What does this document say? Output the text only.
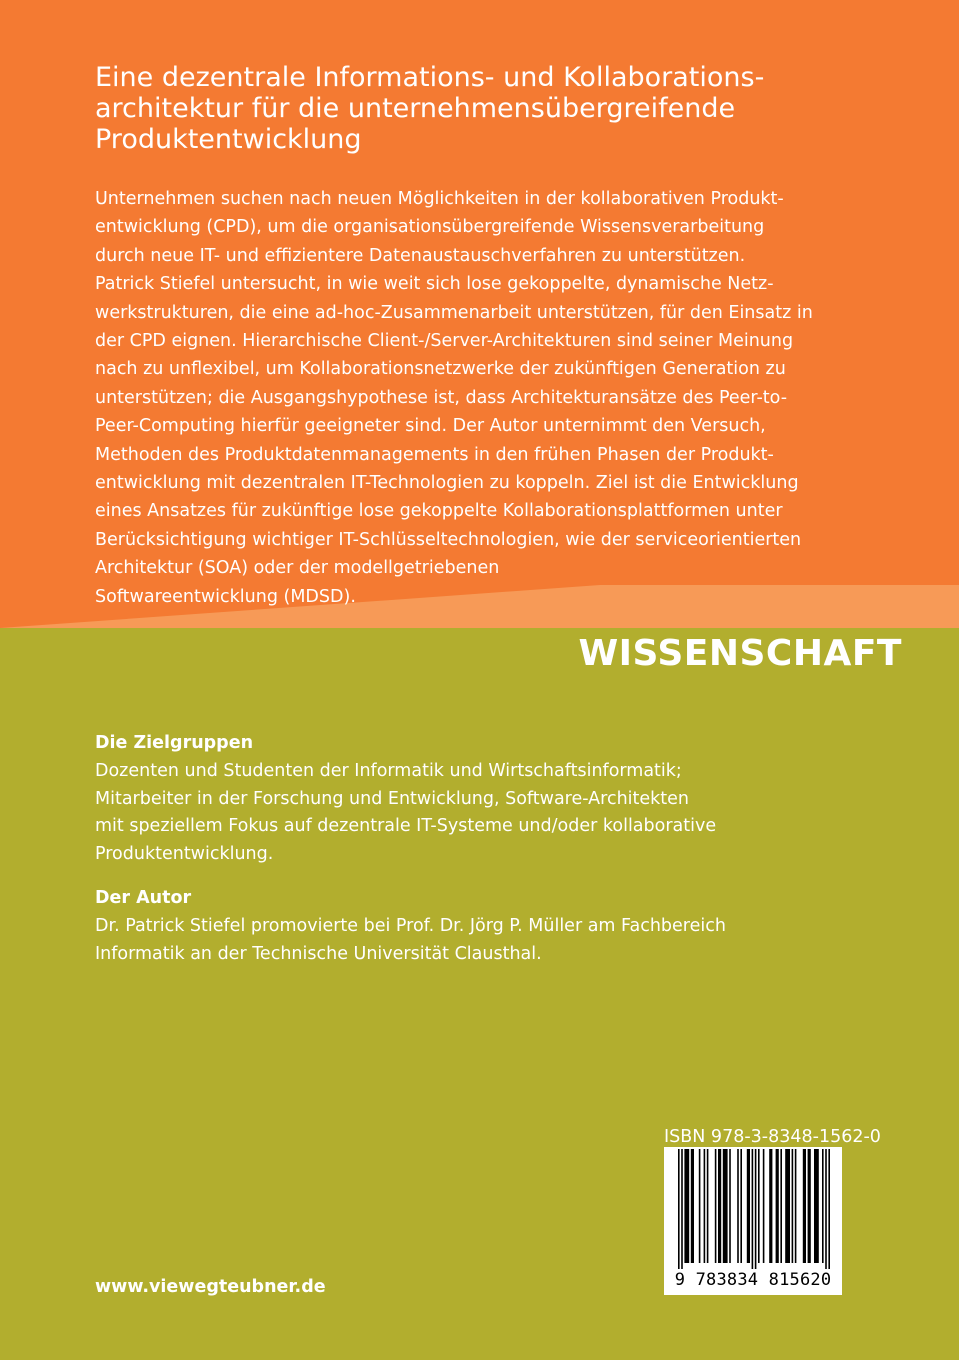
Eine dezentrale Informations- und Kollaborations-
architektur für die unternehmensübergreifende
Produktentwicklung

Unternehmen suchen nach neuen Möglichkeiten in der kollaborativen Produkt-
entwicklung (CPD), um die organisationsübergreifende Wissensverarbeitung
durch neue IT- und effizientere Datenaustauschverfahren zu unterstützen.
Patrick Stiefel untersucht, in wie weit sich lose gekoppelte, dynamische Netz-
werkstrukturen, die eine ad-hoc-Zusammenarbeit unterstützen, für den Einsatz in
der CPD eignen. Hierarchische Client-/Server-Architekturen sind seiner Meinung
nach zu unflexibel, um Kollaborationsnetzwerke der zukünftigen Generation zu
unterstützen; die Ausgangshypothese ist, dass Architekturansätze des Peer-to-
Peer-Computing hierfür geeigneter sind. Der Autor unternimmt den Versuch,
Methoden des Produktdatenmanagements in den frühen Phasen der Produkt-
entwicklung mit dezentralen IT-Technologien zu koppeln. Ziel ist die Entwicklung
eines Ansatzes für zukünftige lose gekoppelte Kollaborationsplattformen unter
Berücksichtigung wichtiger IT-Schlüsseltechnologien, wie der serviceorientierten
Architektur (SOA) oder der modellgetriebenen
Softwareentwicklung (MDSD).

WISSENSCHAFT

Die Zielgruppen

Dozenten und Studenten der Informatik und Wirtschaftsinformatik;
Mitarbeiter in der Forschung und Entwicklung, Software-Architekten
mit speziellem Fokus auf dezentrale IT-Systeme und/oder kollaborative
Produktentwicklung.

Der Autor

Dr. Patrick Stiefel promovierte bei Prof. Dr. Jörg P. Müller am Fachbereich
Informatik an der Technische Universität Clausthal.

www.viewegteubner.de

ISBN 978-3-8348-1562-0

9 783834 815620
